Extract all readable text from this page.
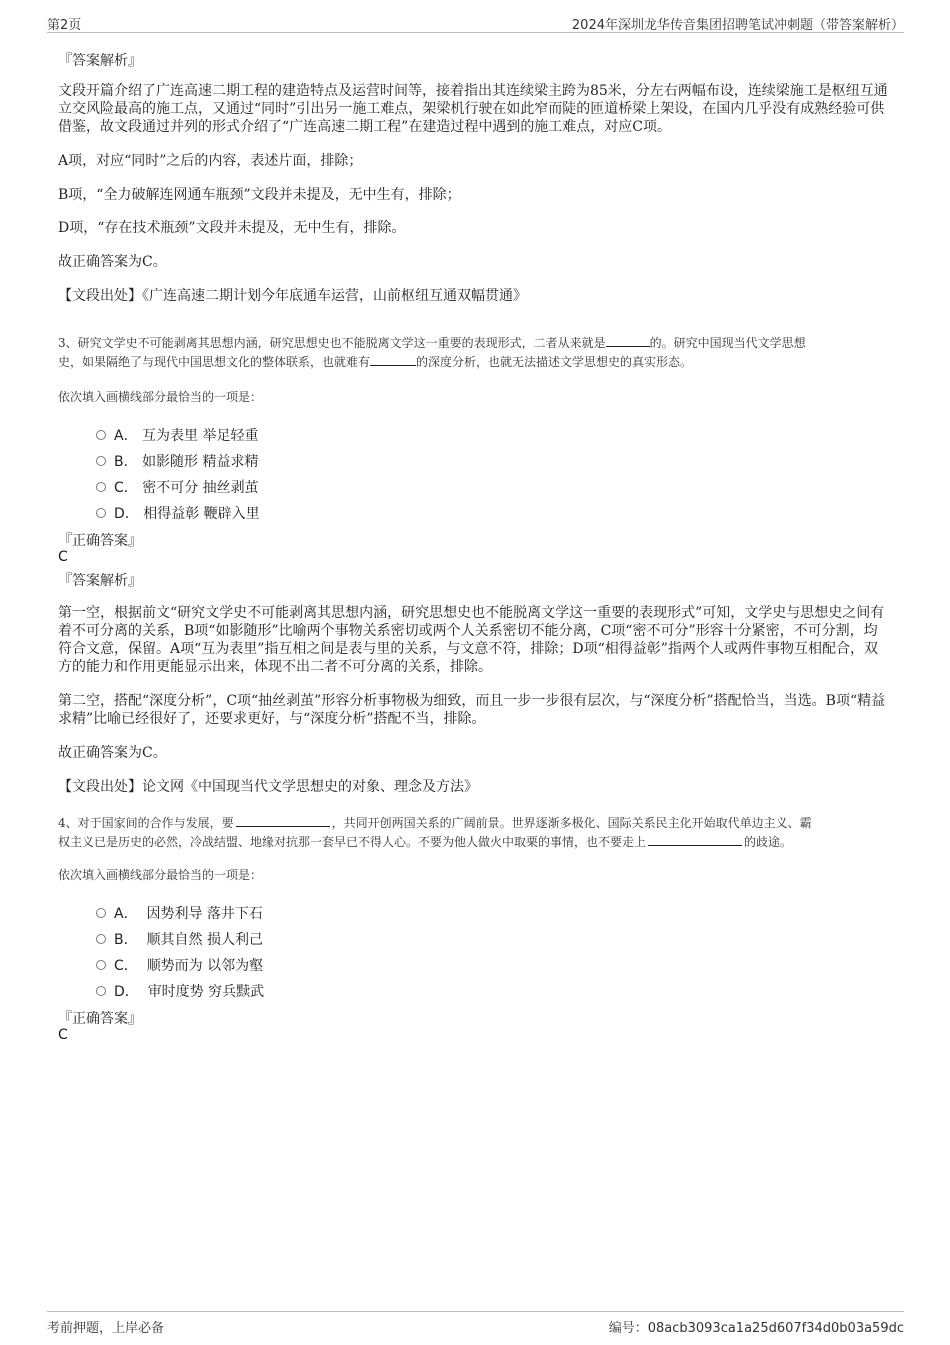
第2页	2024年深圳龙华传音集团招聘笔试冲刺题（带答案解析）
『答案解析』
文段开篇介绍了广连高速二期工程的建造特点及运营时间等，接着指出其连续梁主跨为85米，分左右两幅布设，连续梁施工是枢纽互通立交风险最高的施工点，又通过“同时”引出另一施工难点，架梁机行驶在如此窄而陡的匝道桥梁上架设，在国内几乎没有成熟经验可供借鉴，故文段通过并列的形式介绍了“广连高速二期工程”在建造过程中遇到的施工难点，对应C项。
A项，对应“同时”之后的内容，表述片面，排除；
B项，“全力破解连网通车瓶颈”文段并未提及，无中生有，排除；
D项，“存在技术瓶颈”文段并未提及，无中生有，排除。
故正确答案为C。
【文段出处】《广连高速二期计划今年底通车运营，山前枢纽互通双幅贯通》
3、研究文学史不可能剥离其思想内涵，研究思想史也不能脱离文学这一重要的表现形式，二者从来就是	的。研究中国现当代文学思想
史，如果隔绝了与现代中国思想文化的整体联系，也就难有	的深度分析，也就无法描述文学思想史的真实形态。
依次填入画横线部分最恰当的一项是：
A． 互为表里 举足轻重
B． 如影随形 精益求精
C． 密不可分 抽丝剥茧
D． 相得益彰 鞭辟入里
『正确答案』
C
『答案解析』
第一空，根据前文“研究文学史不可能剥离其思想内涵，研究思想史也不能脱离文学这一重要的表现形式”可知，文学史与思想史之间有着不可分离的关系，B项“如影随形”比喻两个事物关系密切或两个人关系密切不能分离，C项“密不可分”形容十分紧密，不可分割，均符合文意，保留。A项“互为表里”指互相之间是表与里的关系，与文意不符，排除；D项“相得益彰”指两个人或两件事物互相配合，双方的能力和作用更能显示出来，体现不出二者不可分离的关系，排除。
第二空，搭配“深度分析”，C项“抽丝剥茧”形容分析事物极为细致，而且一步一步很有层次，与“深度分析”搭配恰当，当选。B项“精益求精”比喻已经很好了，还要求更好，与“深度分析”搭配不当，排除。
故正确答案为C。
【文段出处】论文网《中国现当代文学思想史的对象、理念及方法》
4、对于国家间的合作与发展，要	，共同开创两国关系的广阔前景。世界逐渐多极化、国际关系民主化开始取代单边主义、霸
权主义已是历史的必然，冷战结盟、地缘对抗那一套早已不得人心。不要为他人做火中取栗的事情，也不要走上	的歧途。
依次填入画横线部分最恰当的一项是：
A． 因势利导 落井下石
B． 顺其自然 损人利己
C． 顺势而为 以邻为壑
D． 审时度势 穷兵黩武
『正确答案』
C
考前押题，上岸必备	编号：08acb3093ca1a25d607f34d0b03a59dc
